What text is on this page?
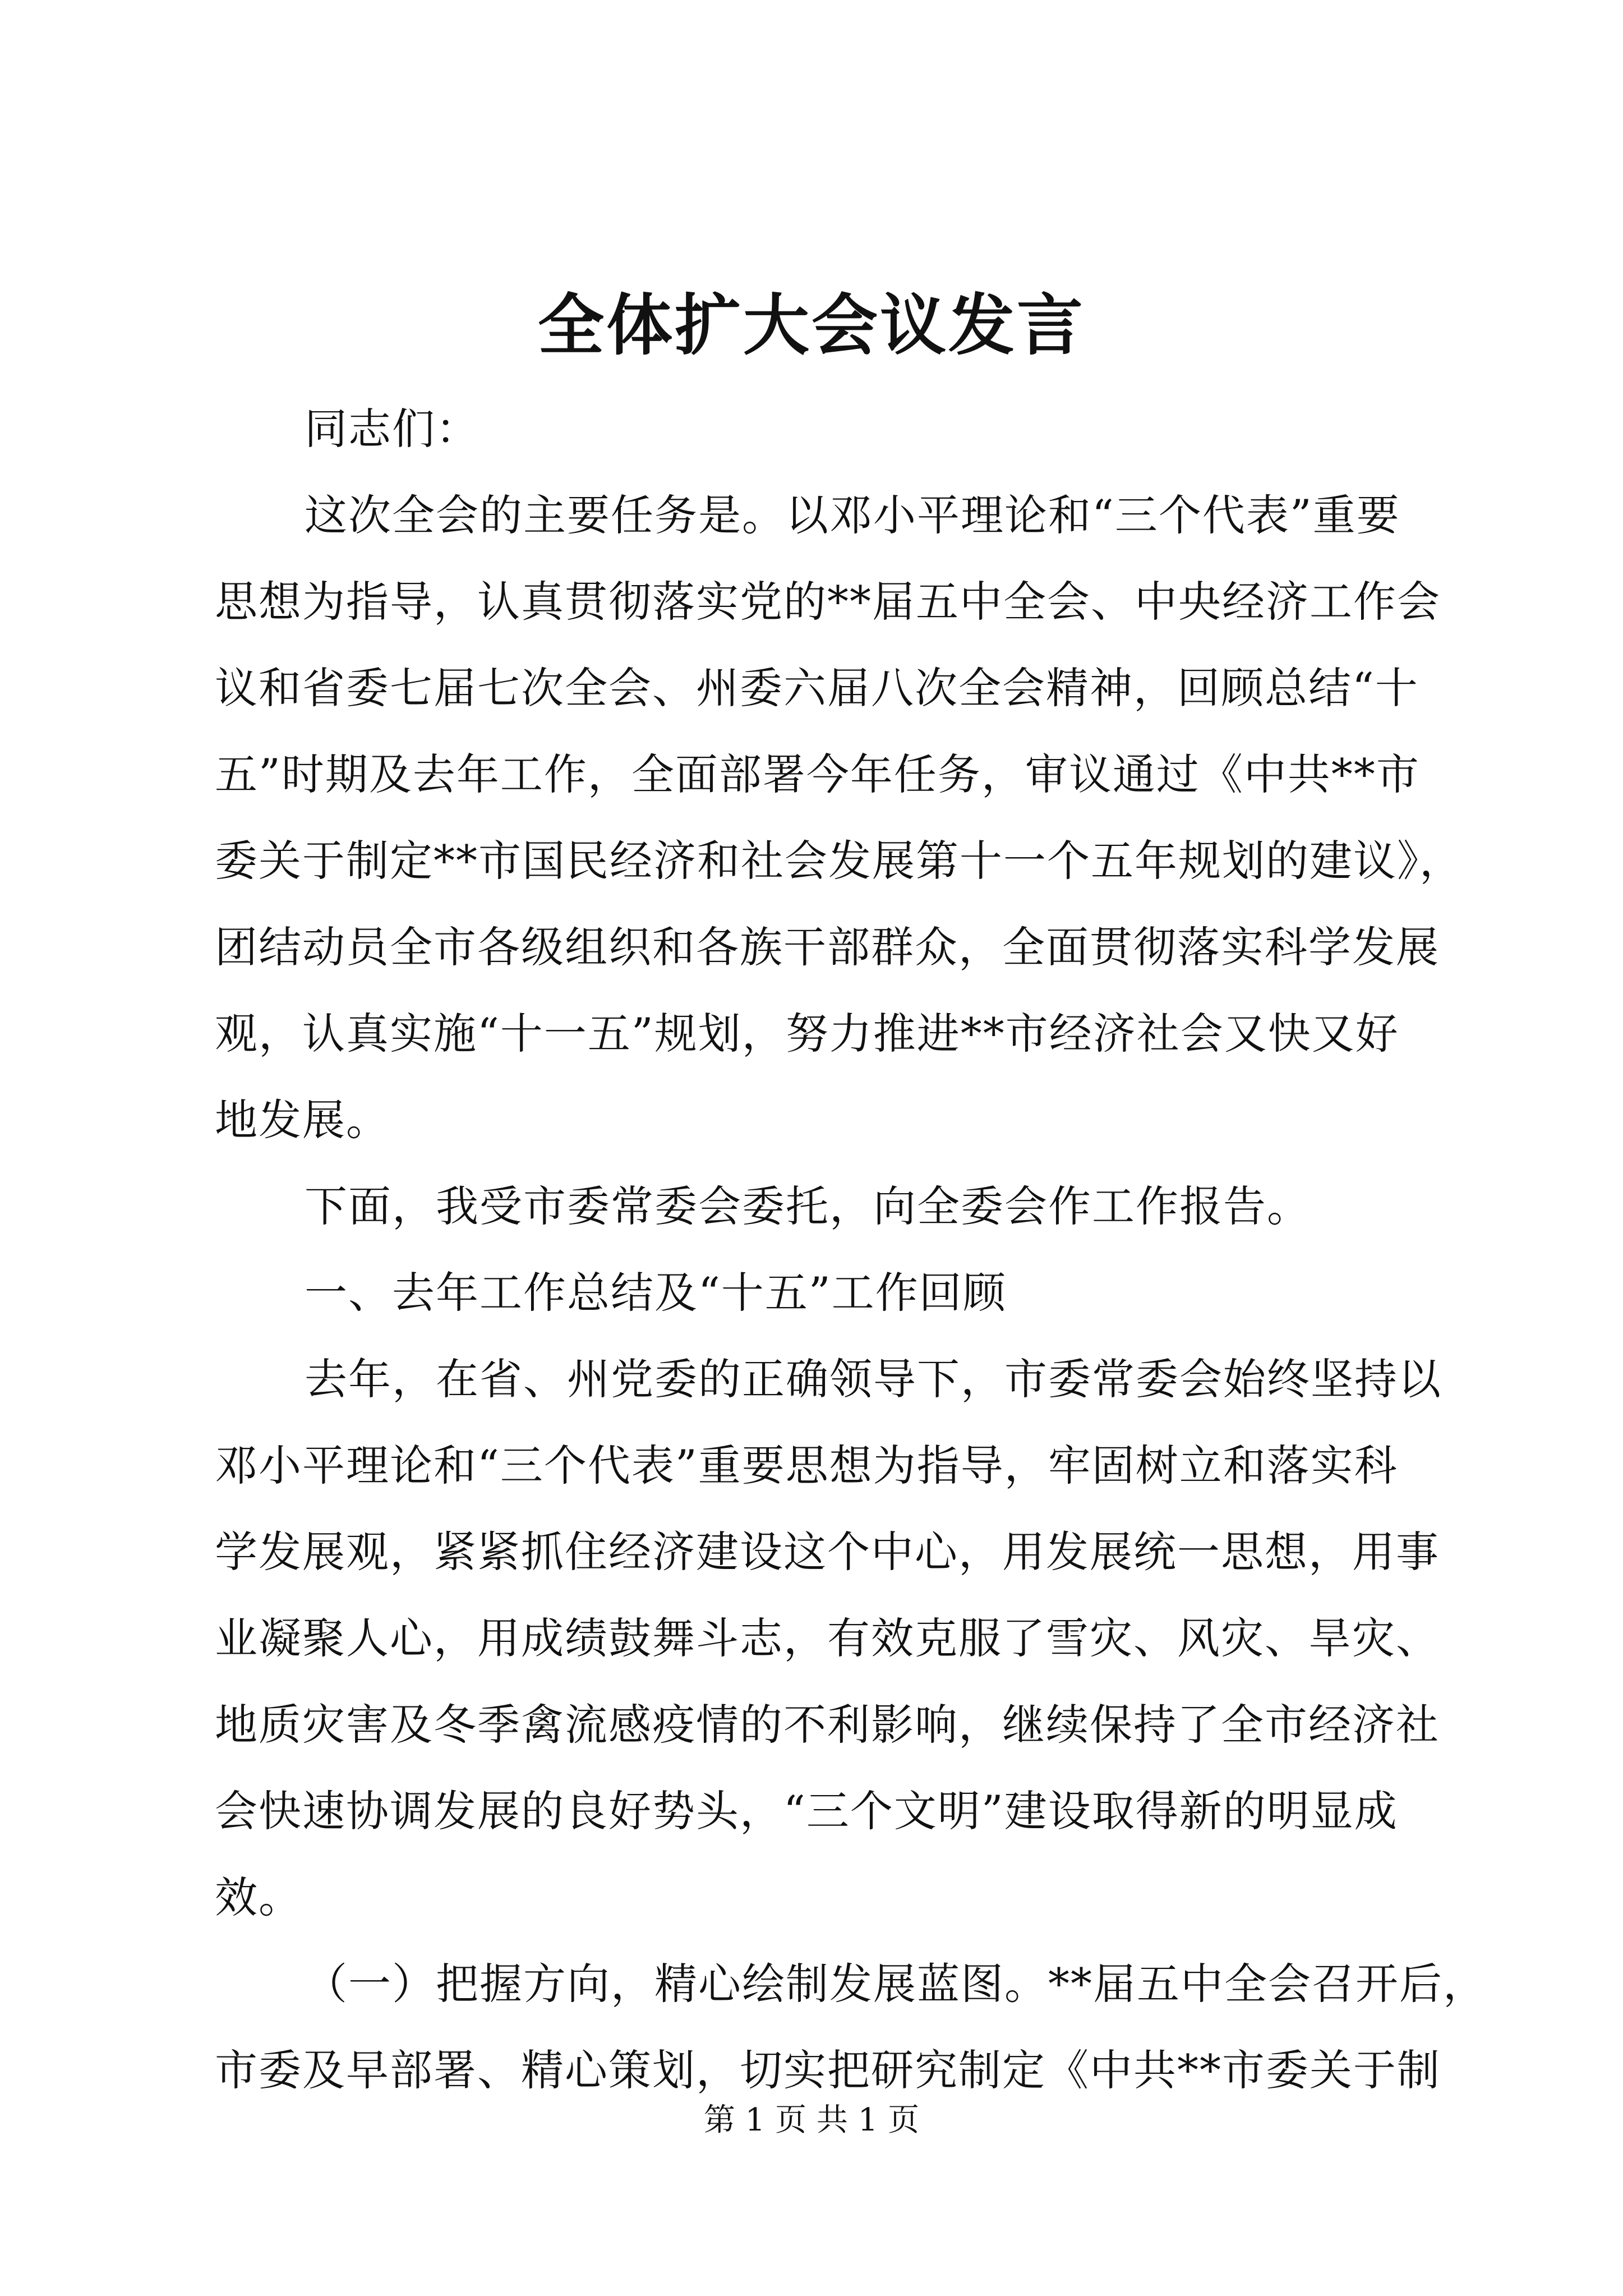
全体扩大会议发言
同志们：
这次全会的主要任务是。以邓小平理论和“三个代表”重要
思想为指导，认真贯彻落实党的**届五中全会、中央经济工作会
议和省委七届七次全会、州委六届八次全会精神，回顾总结“十
五”时期及去年工作，全面部署今年任务，审议通过《中共**市
委关于制定**市国民经济和社会发展第十一个五年规划的建议》，
团结动员全市各级组织和各族干部群众，全面贯彻落实科学发展
观，认真实施“十一五”规划，努力推进**市经济社会又快又好
地发展。
下面，我受市委常委会委托，向全委会作工作报告。
一、去年工作总结及“十五”工作回顾
去年，在省、州党委的正确领导下，市委常委会始终坚持以
邓小平理论和“三个代表”重要思想为指导，牢固树立和落实科
学发展观，紧紧抓住经济建设这个中心，用发展统一思想，用事
业凝聚人心，用成绩鼓舞斗志，有效克服了雪灾、风灾、旱灾、
地质灾害及冬季禽流感疫情的不利影响，继续保持了全市经济社
会快速协调发展的良好势头，“三个文明”建设取得新的明显成
效。
（一）把握方向，精心绘制发展蓝图。**届五中全会召开后，
市委及早部署、精心策划，切实把研究制定《中共**市委关于制
第 1 页 共 1 页
